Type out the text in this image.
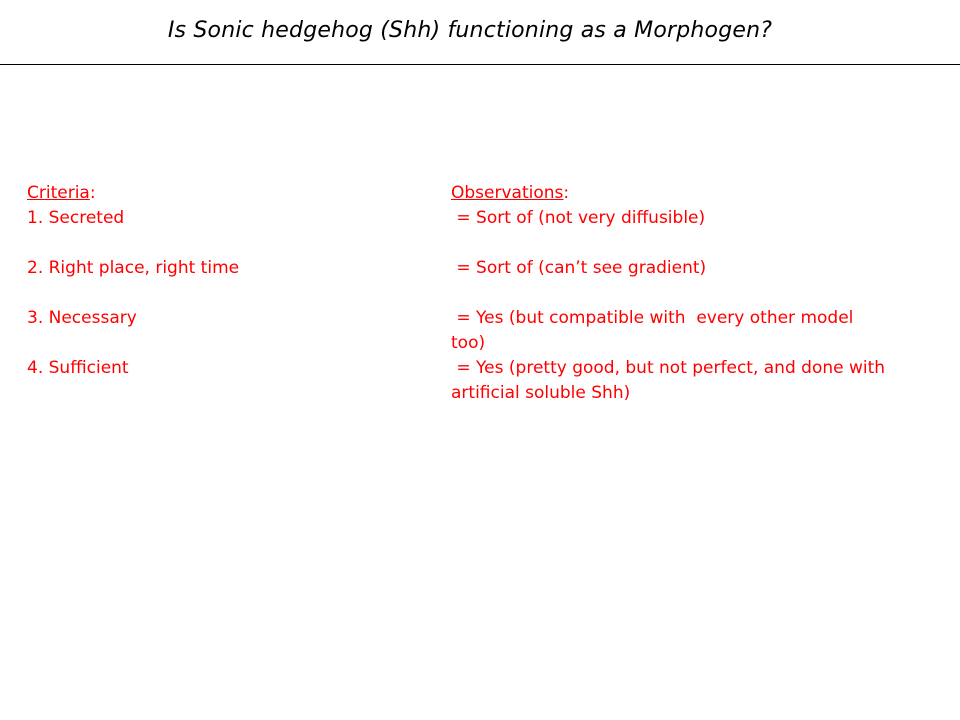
Is Sonic hedgehog (Shh) functioning as a Morphogen?

Criteria:

1. Secreted

2. Right place, right time

3. Necessary

4. Sufficient

Observations:

= Sort of (not very diffusible)

= Sort of (can’t see gradient)

= Yes (but compatible with  every other model too)

= Yes (pretty good, but not perfect, and done with artificial soluble Shh)
